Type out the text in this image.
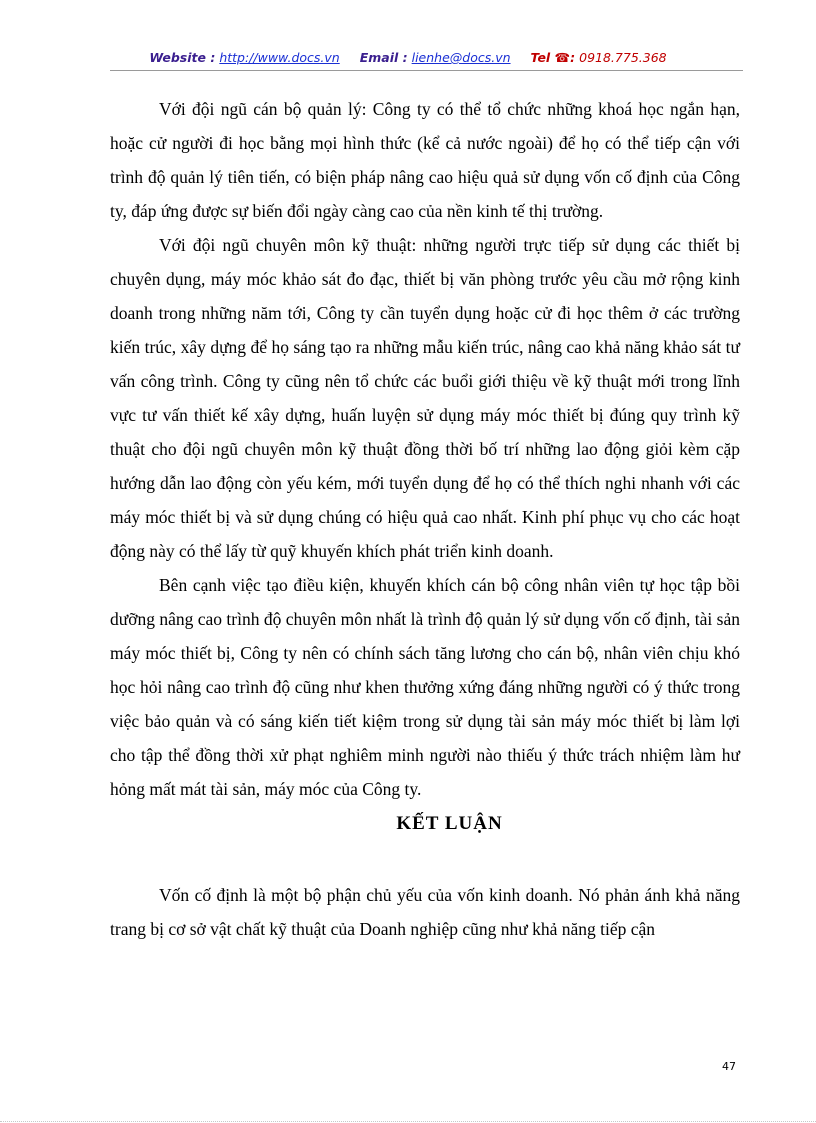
Website : http://www.docs.vn Email : lienhe@docs.vn Tel ☎: 0918.775.368

Với đội ngũ cán bộ quản lý: Công ty có thể tổ chức những khoá học ngắn hạn, hoặc cử người đi học bằng mọi hình thức (kể cả nước ngoài) để họ có thể tiếp cận với trình độ quản lý tiên tiến, có biện pháp nâng cao hiệu quả sử dụng vốn cố định của Công ty, đáp ứng được sự biến đổi ngày càng cao của nền kinh tế thị trường.

Với đội ngũ chuyên môn kỹ thuật: những người trực tiếp sử dụng các thiết bị chuyên dụng, máy móc khảo sát đo đạc, thiết bị văn phòng trước yêu cầu mở rộng kinh doanh trong những năm tới, Công ty cần tuyển dụng hoặc cử đi học thêm ở các trường kiến trúc, xây dựng để họ sáng tạo ra những mẫu kiến trúc, nâng cao khả năng khảo sát tư vấn công trình. Công ty cũng nên tổ chức các buổi giới thiệu về kỹ thuật mới trong lĩnh vực tư vấn thiết kế xây dựng, huấn luyện sử dụng máy móc thiết bị đúng quy trình kỹ thuật cho đội ngũ chuyên môn kỹ thuật đồng thời bố trí những lao động giỏi kèm cặp hướng dẫn lao động còn yếu kém, mới tuyển dụng để họ có thể thích nghi nhanh với các máy móc thiết bị và sử dụng chúng có hiệu quả cao nhất. Kinh phí phục vụ cho các hoạt động này có thể lấy từ quỹ khuyến khích phát triển kinh doanh.

Bên cạnh việc tạo điều kiện, khuyến khích cán bộ công nhân viên tự học tập bồi dưỡng nâng cao trình độ chuyên môn nhất là trình độ quản lý sử dụng vốn cố định, tài sản máy móc thiết bị, Công ty nên có chính sách tăng lương cho cán bộ, nhân viên chịu khó học hỏi nâng cao trình độ cũng như khen thưởng xứng đáng những người có ý thức trong việc bảo quản và có sáng kiến tiết kiệm trong sử dụng tài sản máy móc thiết bị làm lợi cho tập thể đồng thời xử phạt nghiêm minh người nào thiếu ý thức trách nhiệm làm hư hỏng mất mát tài sản, máy móc của Công ty.

KẾT LUẬN

Vốn cố định là một bộ phận chủ yếu của vốn kinh doanh. Nó phản ánh khả năng trang bị cơ sở vật chất kỹ thuật của Doanh nghiệp cũng như khả năng tiếp cận

47
